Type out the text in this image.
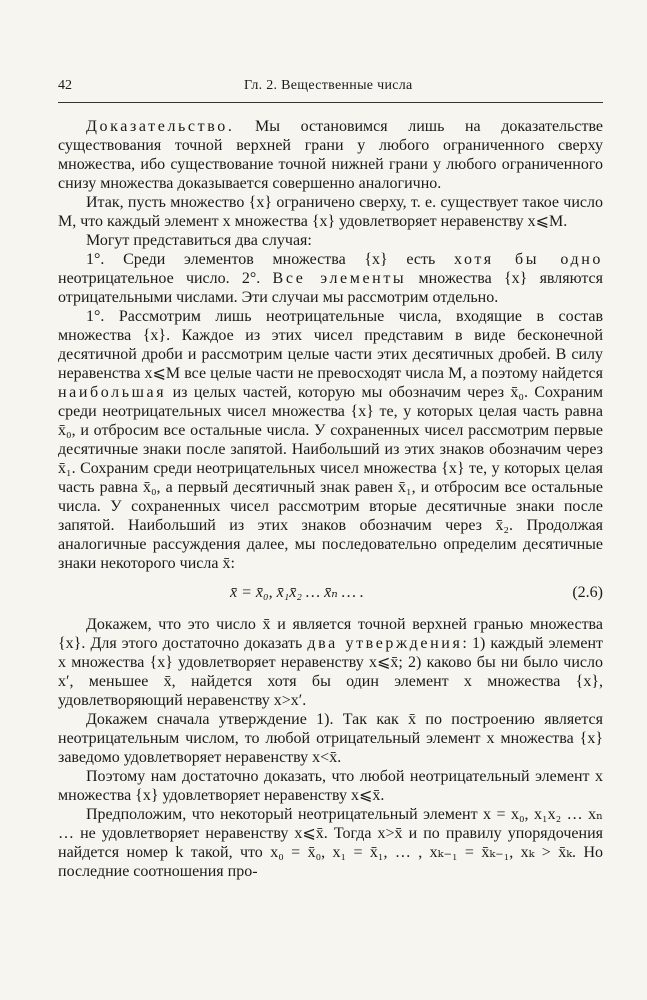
42	Гл. 2. Вещественные числа

Доказательство. Мы остановимся лишь на доказательстве существования точной верхней грани у любого ограниченного сверху множества, ибо существование точной нижней грани у любого ограниченного снизу множества доказывается совершенно аналогично.

Итак, пусть множество {x} ограничено сверху, т. е. существует такое число M, что каждый элемент x множества {x} удовлетворяет неравенству x⩽M.

Могут представиться два случая:

1°. Среди элементов множества {x} есть хотя бы одно неотрицательное число. 2°. Все элементы множества {x} являются отрицательными числами. Эти случаи мы рассмотрим отдельно.

1°. Рассмотрим лишь неотрицательные числа, входящие в состав множества {x}. Каждое из этих чисел представим в виде бесконечной десятичной дроби и рассмотрим целые части этих десятичных дробей. В силу неравенства x⩽M все целые части не превосходят числа M, а поэтому найдется наибольшая из целых частей, которую мы обозначим через x̄₀. Сохраним среди неотрицательных чисел множества {x} те, у которых целая часть равна x̄₀, и отбросим все остальные числа. У сохраненных чисел рассмотрим первые десятичные знаки после запятой. Наибольший из этих знаков обозначим через x̄₁. Сохраним среди неотрицательных чисел множества {x} те, у которых целая часть равна x̄₀, а первый десятичный знак равен x̄₁, и отбросим все остальные числа. У сохраненных чисел рассмотрим вторые десятичные знаки после запятой. Наибольший из этих знаков обозначим через x̄₂. Продолжая аналогичные рассуждения далее, мы последовательно определим десятичные знаки некоторого числа x̄:

x̄ = x̄₀, x̄₁x̄₂ … x̄ₙ … .	(2.6)

Докажем, что это число x̄ и является точной верхней гранью множества {x}. Для этого достаточно доказать два утверждения: 1) каждый элемент x множества {x} удовлетворяет неравенству x⩽x̄; 2) каково бы ни было число x′, меньшее x̄, найдется хотя бы один элемент x множества {x}, удовлетворяющий неравенству x>x′.

Докажем сначала утверждение 1). Так как x̄ по построению является неотрицательным числом, то любой отрицательный элемент x множества {x} заведомо удовлетворяет неравенству x<x̄.

Поэтому нам достаточно доказать, что любой неотрицательный элемент x множества {x} удовлетворяет неравенству x⩽x̄.

Предположим, что некоторый неотрицательный элемент x = x₀, x₁x₂ … xₙ … не удовлетворяет неравенству x⩽x̄. Тогда x>x̄ и по правилу упорядочения найдется номер k такой, что x₀ = x̄₀, x₁ = x̄₁, … , xₖ₋₁ = x̄ₖ₋₁, xₖ > x̄ₖ. Но последние соотношения про-
